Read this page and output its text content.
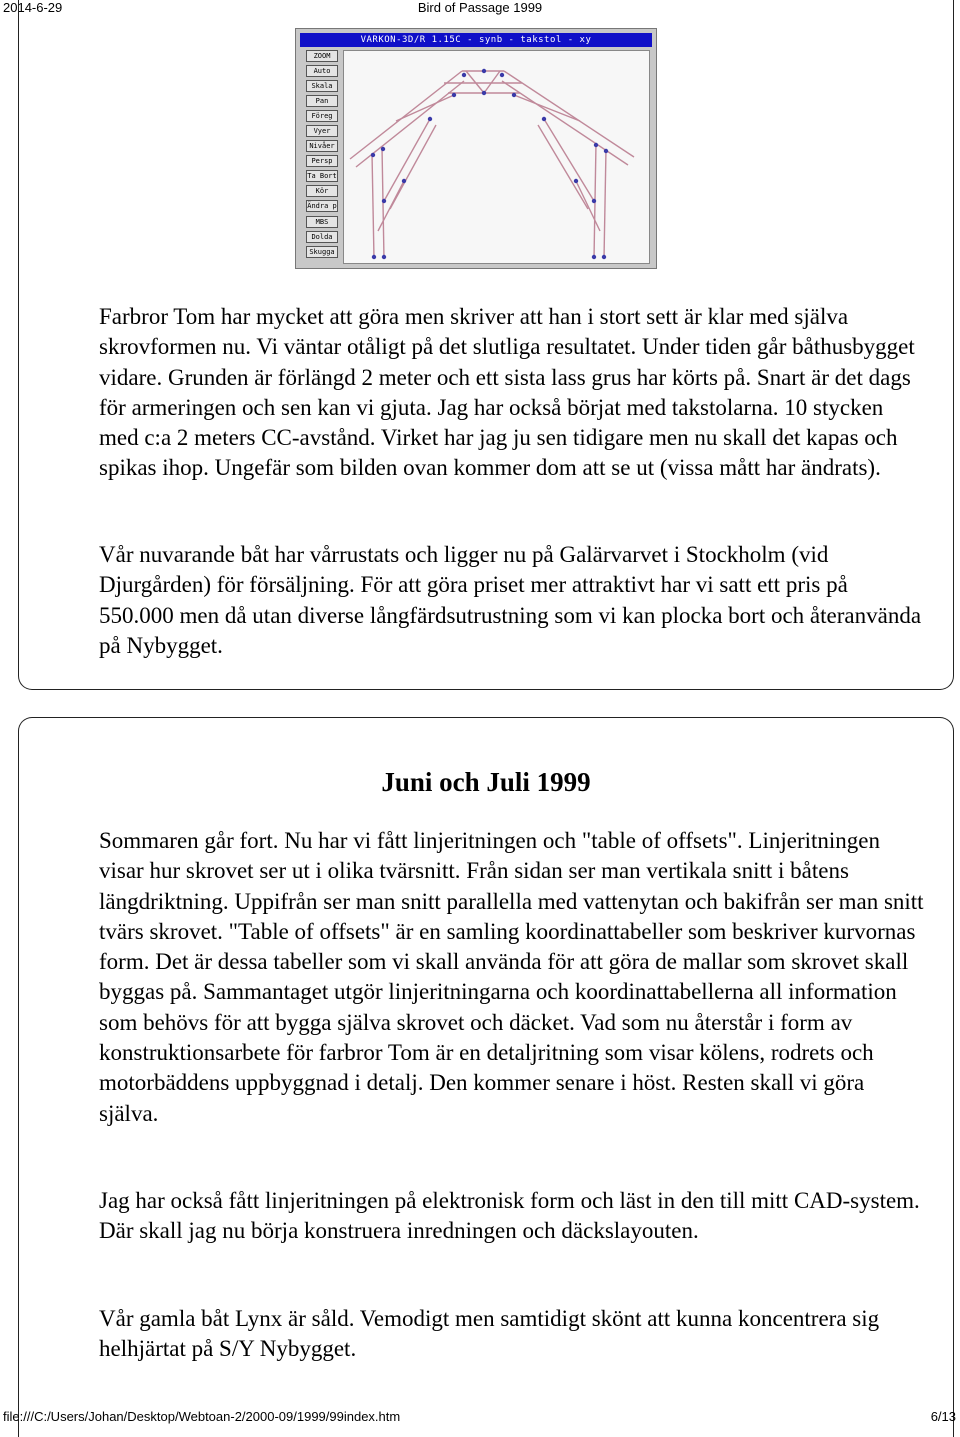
2014-6-29	Bird of Passage 1999
VARKON-3D/R 1.15C - synb - takstol - xy
ZOOM
Auto
Skala
Pan
Föreg
Vyer
Nivåer
Persp
Ta Bort
Kör
Ändra p
MBS
Dolda
Skugga

Farbror Tom har mycket att göra men skriver att han i stort sett är klar med själva skrovformen nu. Vi väntar otåligt på det slutliga resultatet. Under tiden går båthusbygget vidare. Grunden är förlängd 2 meter och ett sista lass grus har körts på. Snart är det dags för armeringen och sen kan vi gjuta. Jag har också börjat med takstolarna. 10 stycken med c:a 2 meters CC-avstånd. Virket har jag ju sen tidigare men nu skall det kapas och spikas ihop. Ungefär som bilden ovan kommer dom att se ut (vissa mått har ändrats).

Vår nuvarande båt har vårrustats och ligger nu på Galärvarvet i Stockholm (vid Djurgården) för försäljning. För att göra priset mer attraktivt har vi satt ett pris på 550.000 men då utan diverse långfärdsutrustning som vi kan plocka bort och återanvända på Nybygget.

Juni och Juli 1999

Sommaren går fort. Nu har vi fått linjeritningen och "table of offsets". Linjeritningen visar hur skrovet ser ut i olika tvärsnitt. Från sidan ser man vertikala snitt i båtens längdriktning. Uppifrån ser man snitt parallella med vattenytan och bakifrån ser man snitt tvärs skrovet. "Table of offsets" är en samling koordinattabeller som beskriver kurvornas form. Det är dessa tabeller som vi skall använda för att göra de mallar som skrovet skall byggas på. Sammantaget utgör linjeritningarna och koordinattabellerna all information som behövs för att bygga själva skrovet och däcket. Vad som nu återstår i form av konstruktionsarbete för farbror Tom är en detaljritning som visar kölens, rodrets och motorbäddens uppbyggnad i detalj. Den kommer senare i höst. Resten skall vi göra själva.

Jag har också fått linjeritningen på elektronisk form och läst in den till mitt CAD-system. Där skall jag nu börja konstruera inredningen och däckslayouten.

Vår gamla båt Lynx är såld. Vemodigt men samtidigt skönt att kunna koncentrera sig helhjärtat på S/Y Nybygget.

file:///C:/Users/Johan/Desktop/Webtoan-2/2000-09/1999/99index.htm	6/13
